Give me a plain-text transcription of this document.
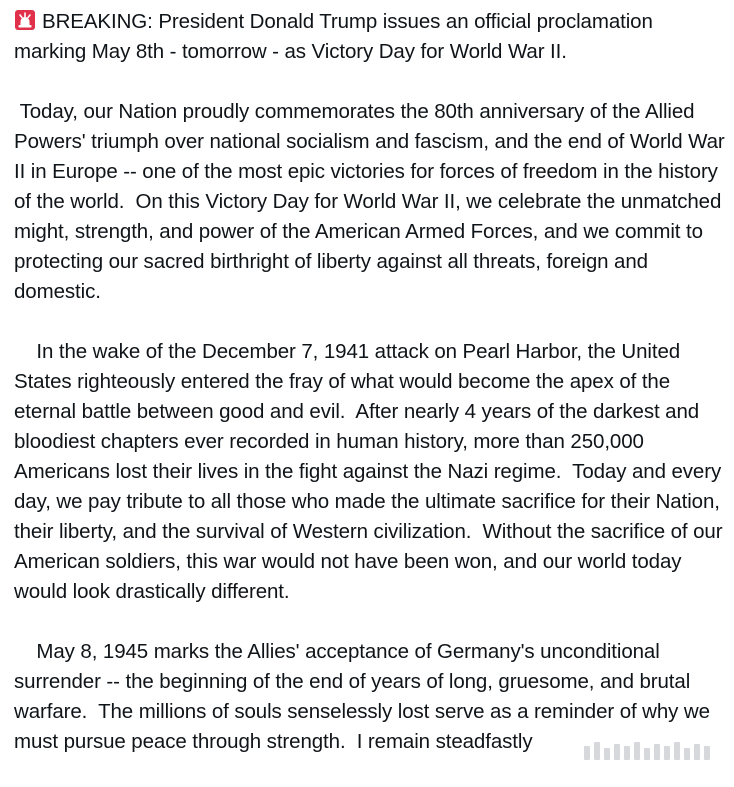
BREAKING: President Donald Trump issues an official proclamation marking May 8th - tomorrow - as Victory Day for World War II.

Today, our Nation proudly commemorates the 80th anniversary of the Allied Powers' triumph over national socialism and fascism, and the end of World War II in Europe -- one of the most epic victories for forces of freedom in the history of the world.  On this Victory Day for World War II, we celebrate the unmatched might, strength, and power of the American Armed Forces, and we commit to protecting our sacred birthright of liberty against all threats, foreign and domestic.

In the wake of the December 7, 1941 attack on Pearl Harbor, the United States righteously entered the fray of what would become the apex of the eternal battle between good and evil.  After nearly 4 years of the darkest and bloodiest chapters ever recorded in human history, more than 250,000 Americans lost their lives in the fight against the Nazi regime.  Today and every day, we pay tribute to all those who made the ultimate sacrifice for their Nation, their liberty, and the survival of Western civilization.  Without the sacrifice of our American soldiers, this war would not have been won, and our world today would look drastically different.

May 8, 1945 marks the Allies' acceptance of Germany's unconditional surrender -- the beginning of the end of years of long, gruesome, and brutal warfare.  The millions of souls senselessly lost serve as a reminder of why we must pursue peace through strength.  I remain steadfastly
